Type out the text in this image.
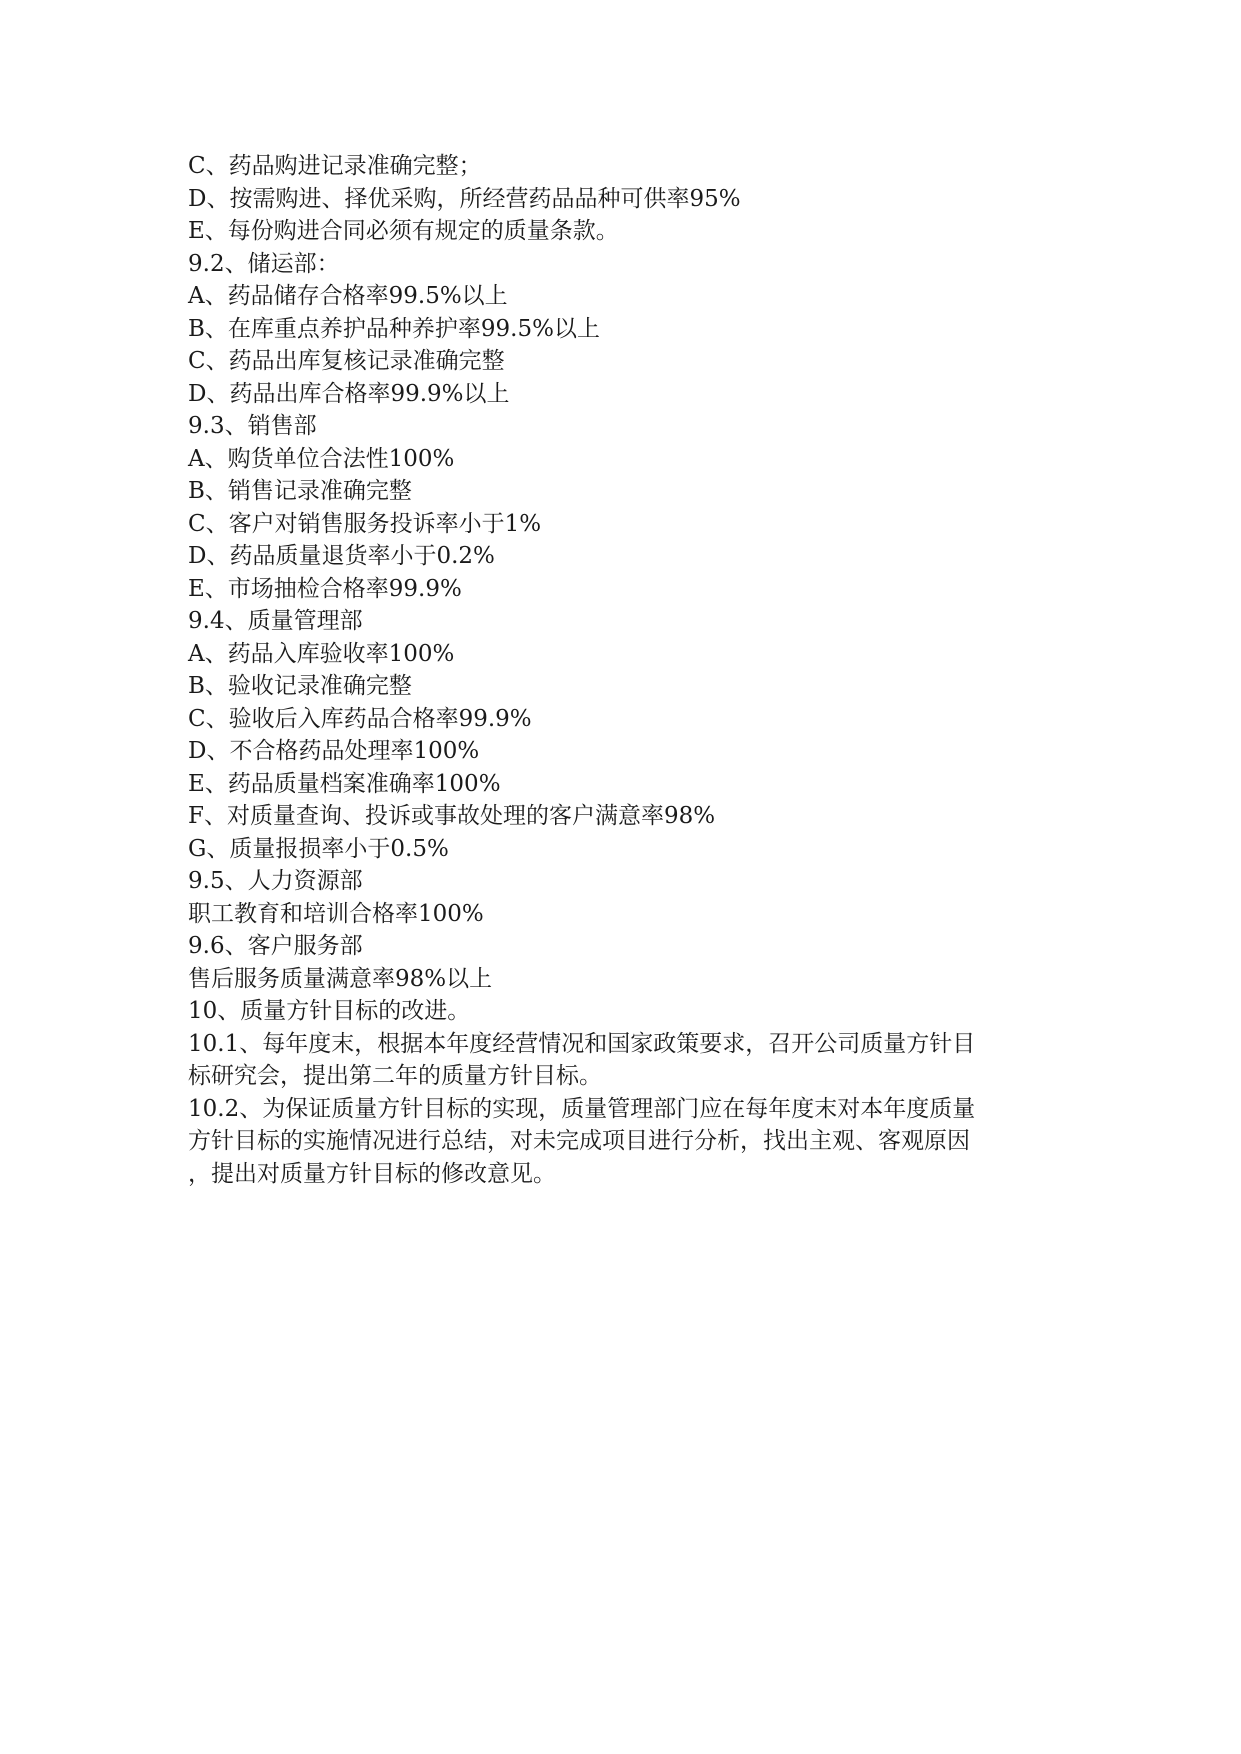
C、药品购进记录准确完整；
D、按需购进、择优采购，所经营药品品种可供率95%
E、每份购进合同必须有规定的质量条款。
9.2、储运部：
A、药品储存合格率99.5%以上
B、在库重点养护品种养护率99.5%以上
C、药品出库复核记录准确完整
D、药品出库合格率99.9%以上
9.3、销售部
A、购货单位合法性100%
B、销售记录准确完整
C、客户对销售服务投诉率小于1%
D、药品质量退货率小于0.2%
E、市场抽检合格率99.9%
9.4、质量管理部
A、药品入库验收率100%
B、验收记录准确完整
C、验收后入库药品合格率99.9%
D、不合格药品处理率100%
E、药品质量档案准确率100%
F、对质量查询、投诉或事故处理的客户满意率98%
G、质量报损率小于0.5%
9.5、人力资源部
职工教育和培训合格率100%
9.6、客户服务部
售后服务质量满意率98%以上
10、质量方针目标的改进。
10.1、每年度末，根据本年度经营情况和国家政策要求，召开公司质量方针目
标研究会，提出第二年的质量方针目标。
10.2、为保证质量方针目标的实现，质量管理部门应在每年度末对本年度质量
方针目标的实施情况进行总结，对未完成项目进行分析，找出主观、客观原因
，提出对质量方针目标的修改意见。
